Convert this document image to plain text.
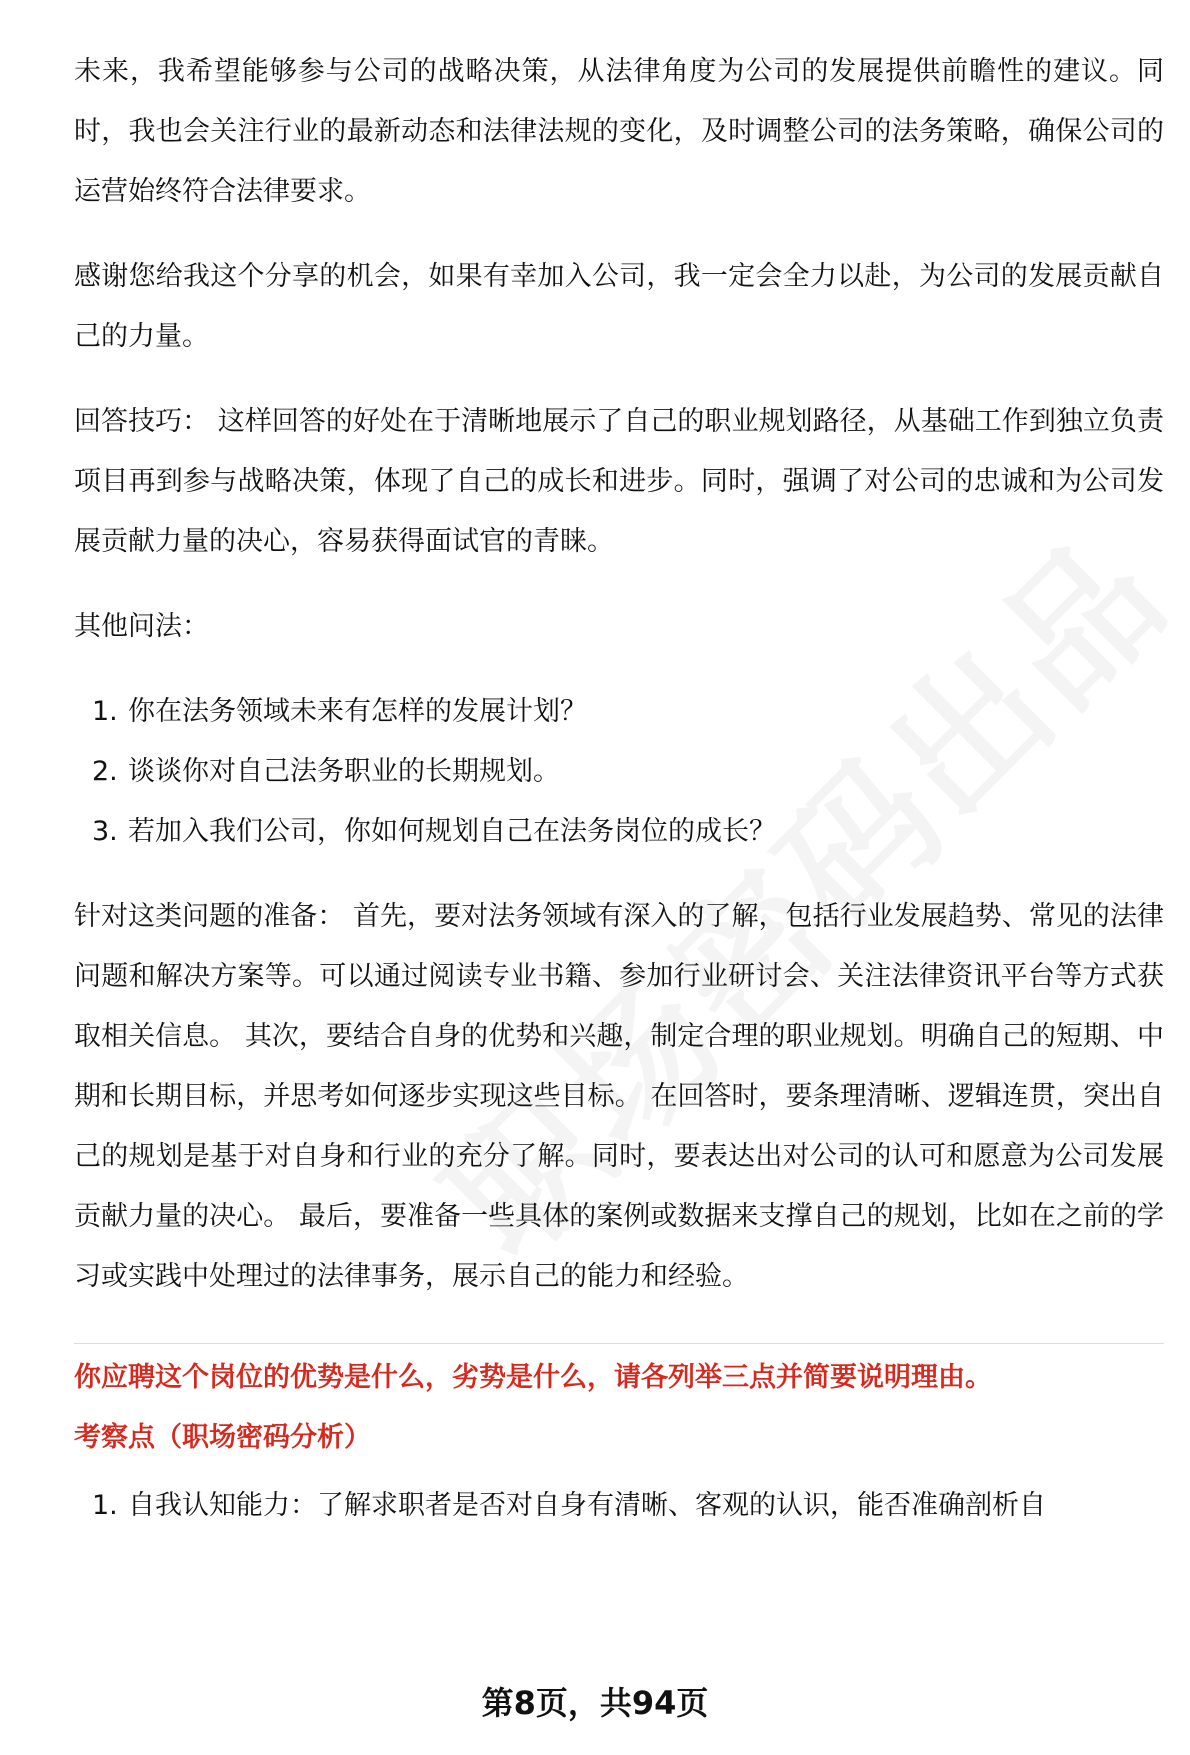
未来，我希望能够参与公司的战略决策，从法律角度为公司的发展提供前瞻性的建议。同时，我也会关注行业的最新动态和法律法规的变化，及时调整公司的法务策略，确保公司的运营始终符合法律要求。

感谢您给我这个分享的机会，如果有幸加入公司，我一定会全力以赴，为公司的发展贡献自己的力量。

回答技巧： 这样回答的好处在于清晰地展示了自己的职业规划路径，从基础工作到独立负责项目再到参与战略决策，体现了自己的成长和进步。同时，强调了对公司的忠诚和为公司发展贡献力量的决心，容易获得面试官的青睐。

其他问法：

1. 你在法务领域未来有怎样的发展计划？
2. 谈谈你对自己法务职业的长期规划。
3. 若加入我们公司，你如何规划自己在法务岗位的成长？

针对这类问题的准备： 首先，要对法务领域有深入的了解，包括行业发展趋势、常见的法律问题和解决方案等。可以通过阅读专业书籍、参加行业研讨会、关注法律资讯平台等方式获取相关信息。 其次，要结合自身的优势和兴趣，制定合理的职业规划。明确自己的短期、中期和长期目标，并思考如何逐步实现这些目标。 在回答时，要条理清晰、逻辑连贯，突出自己的规划是基于对自身和行业的充分了解。同时，要表达出对公司的认可和愿意为公司发展贡献力量的决心。 最后，要准备一些具体的案例或数据来支撑自己的规划，比如在之前的学习或实践中处理过的法律事务，展示自己的能力和经验。

你应聘这个岗位的优势是什么，劣势是什么，请各列举三点并简要说明理由。

考察点（职场密码分析）

1. 自我认知能力：了解求职者是否对自身有清晰、客观的认识，能否准确剖析自
第8页，共94页
